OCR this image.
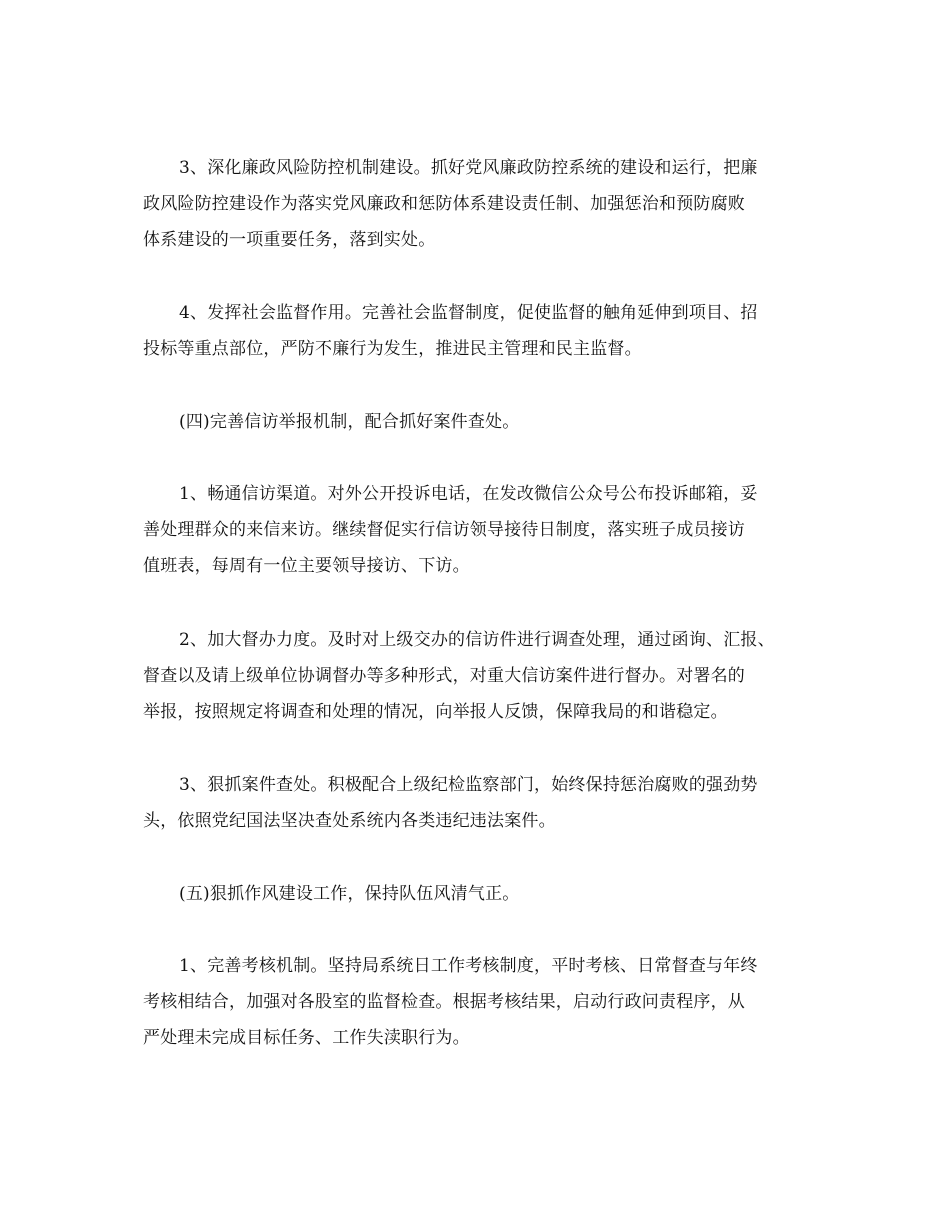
3、深化廉政风险防控机制建设。抓好党风廉政防控系统的建设和运行，把廉
政风险防控建设作为落实党风廉政和惩防体系建设责任制、加强惩治和预防腐败
体系建设的一项重要任务，落到实处。
4、发挥社会监督作用。完善社会监督制度，促使监督的触角延伸到项目、招
投标等重点部位，严防不廉行为发生，推进民主管理和民主监督。
(四)完善信访举报机制，配合抓好案件查处。
1、畅通信访渠道。对外公开投诉电话，在发改微信公众号公布投诉邮箱，妥
善处理群众的来信来访。继续督促实行信访领导接待日制度，落实班子成员接访
值班表，每周有一位主要领导接访、下访。
2、加大督办力度。及时对上级交办的信访件进行调查处理，通过函询、汇报、
督查以及请上级单位协调督办等多种形式，对重大信访案件进行督办。对署名的
举报，按照规定将调查和处理的情况，向举报人反馈，保障我局的和谐稳定。
3、狠抓案件查处。积极配合上级纪检监察部门，始终保持惩治腐败的强劲势
头，依照党纪国法坚决查处系统内各类违纪违法案件。
(五)狠抓作风建设工作，保持队伍风清气正。
1、完善考核机制。坚持局系统日工作考核制度，平时考核、日常督查与年终
考核相结合，加强对各股室的监督检查。根据考核结果，启动行政问责程序，从
严处理未完成目标任务、工作失渎职行为。
